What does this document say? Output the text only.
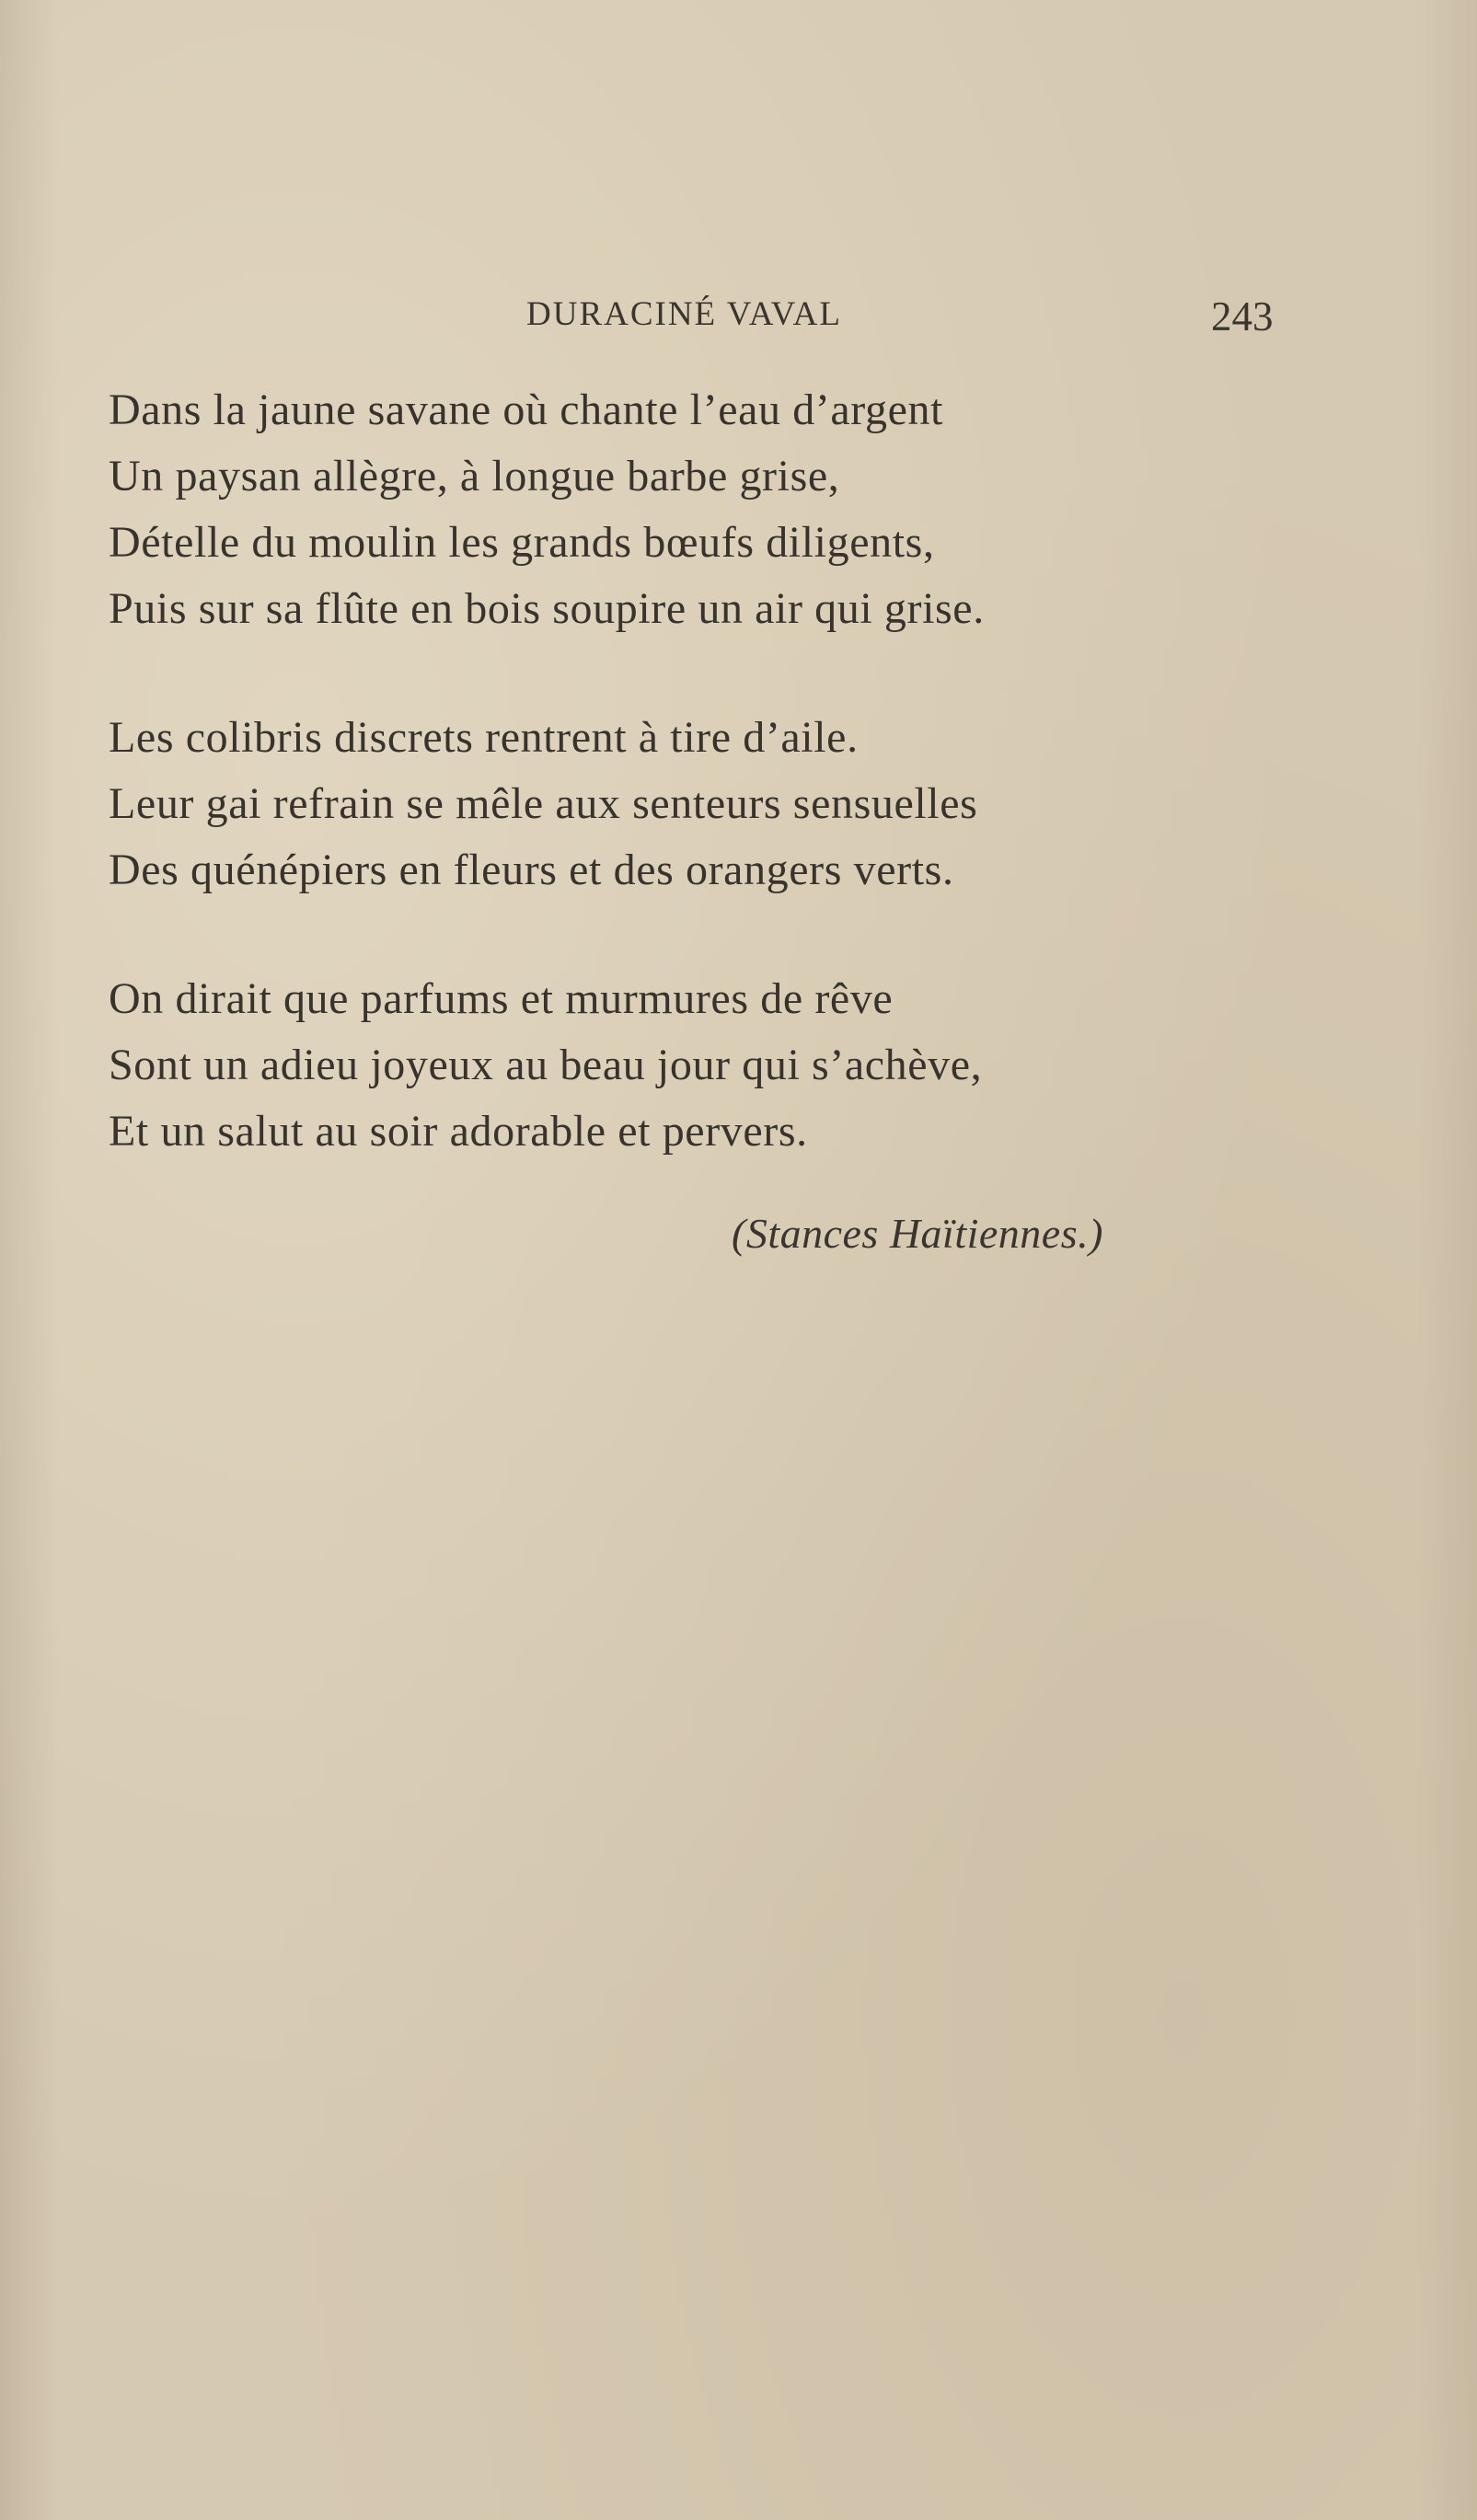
DURACINÉ VAVAL	243
Dans la jaune savane où chante l’eau d’argent
Un paysan allègre, à longue barbe grise,
Dételle du moulin les grands bœufs diligents,
Puis sur sa flûte en bois soupire un air qui grise.
Les colibris discrets rentrent à tire d’aile.
Leur gai refrain se mêle aux senteurs sensuelles
Des quénépiers en fleurs et des orangers verts.
On dirait que parfums et murmures de rêve
Sont un adieu joyeux au beau jour qui s’achève,
Et un salut au soir adorable et pervers.
(Stances Haïtiennes.)
